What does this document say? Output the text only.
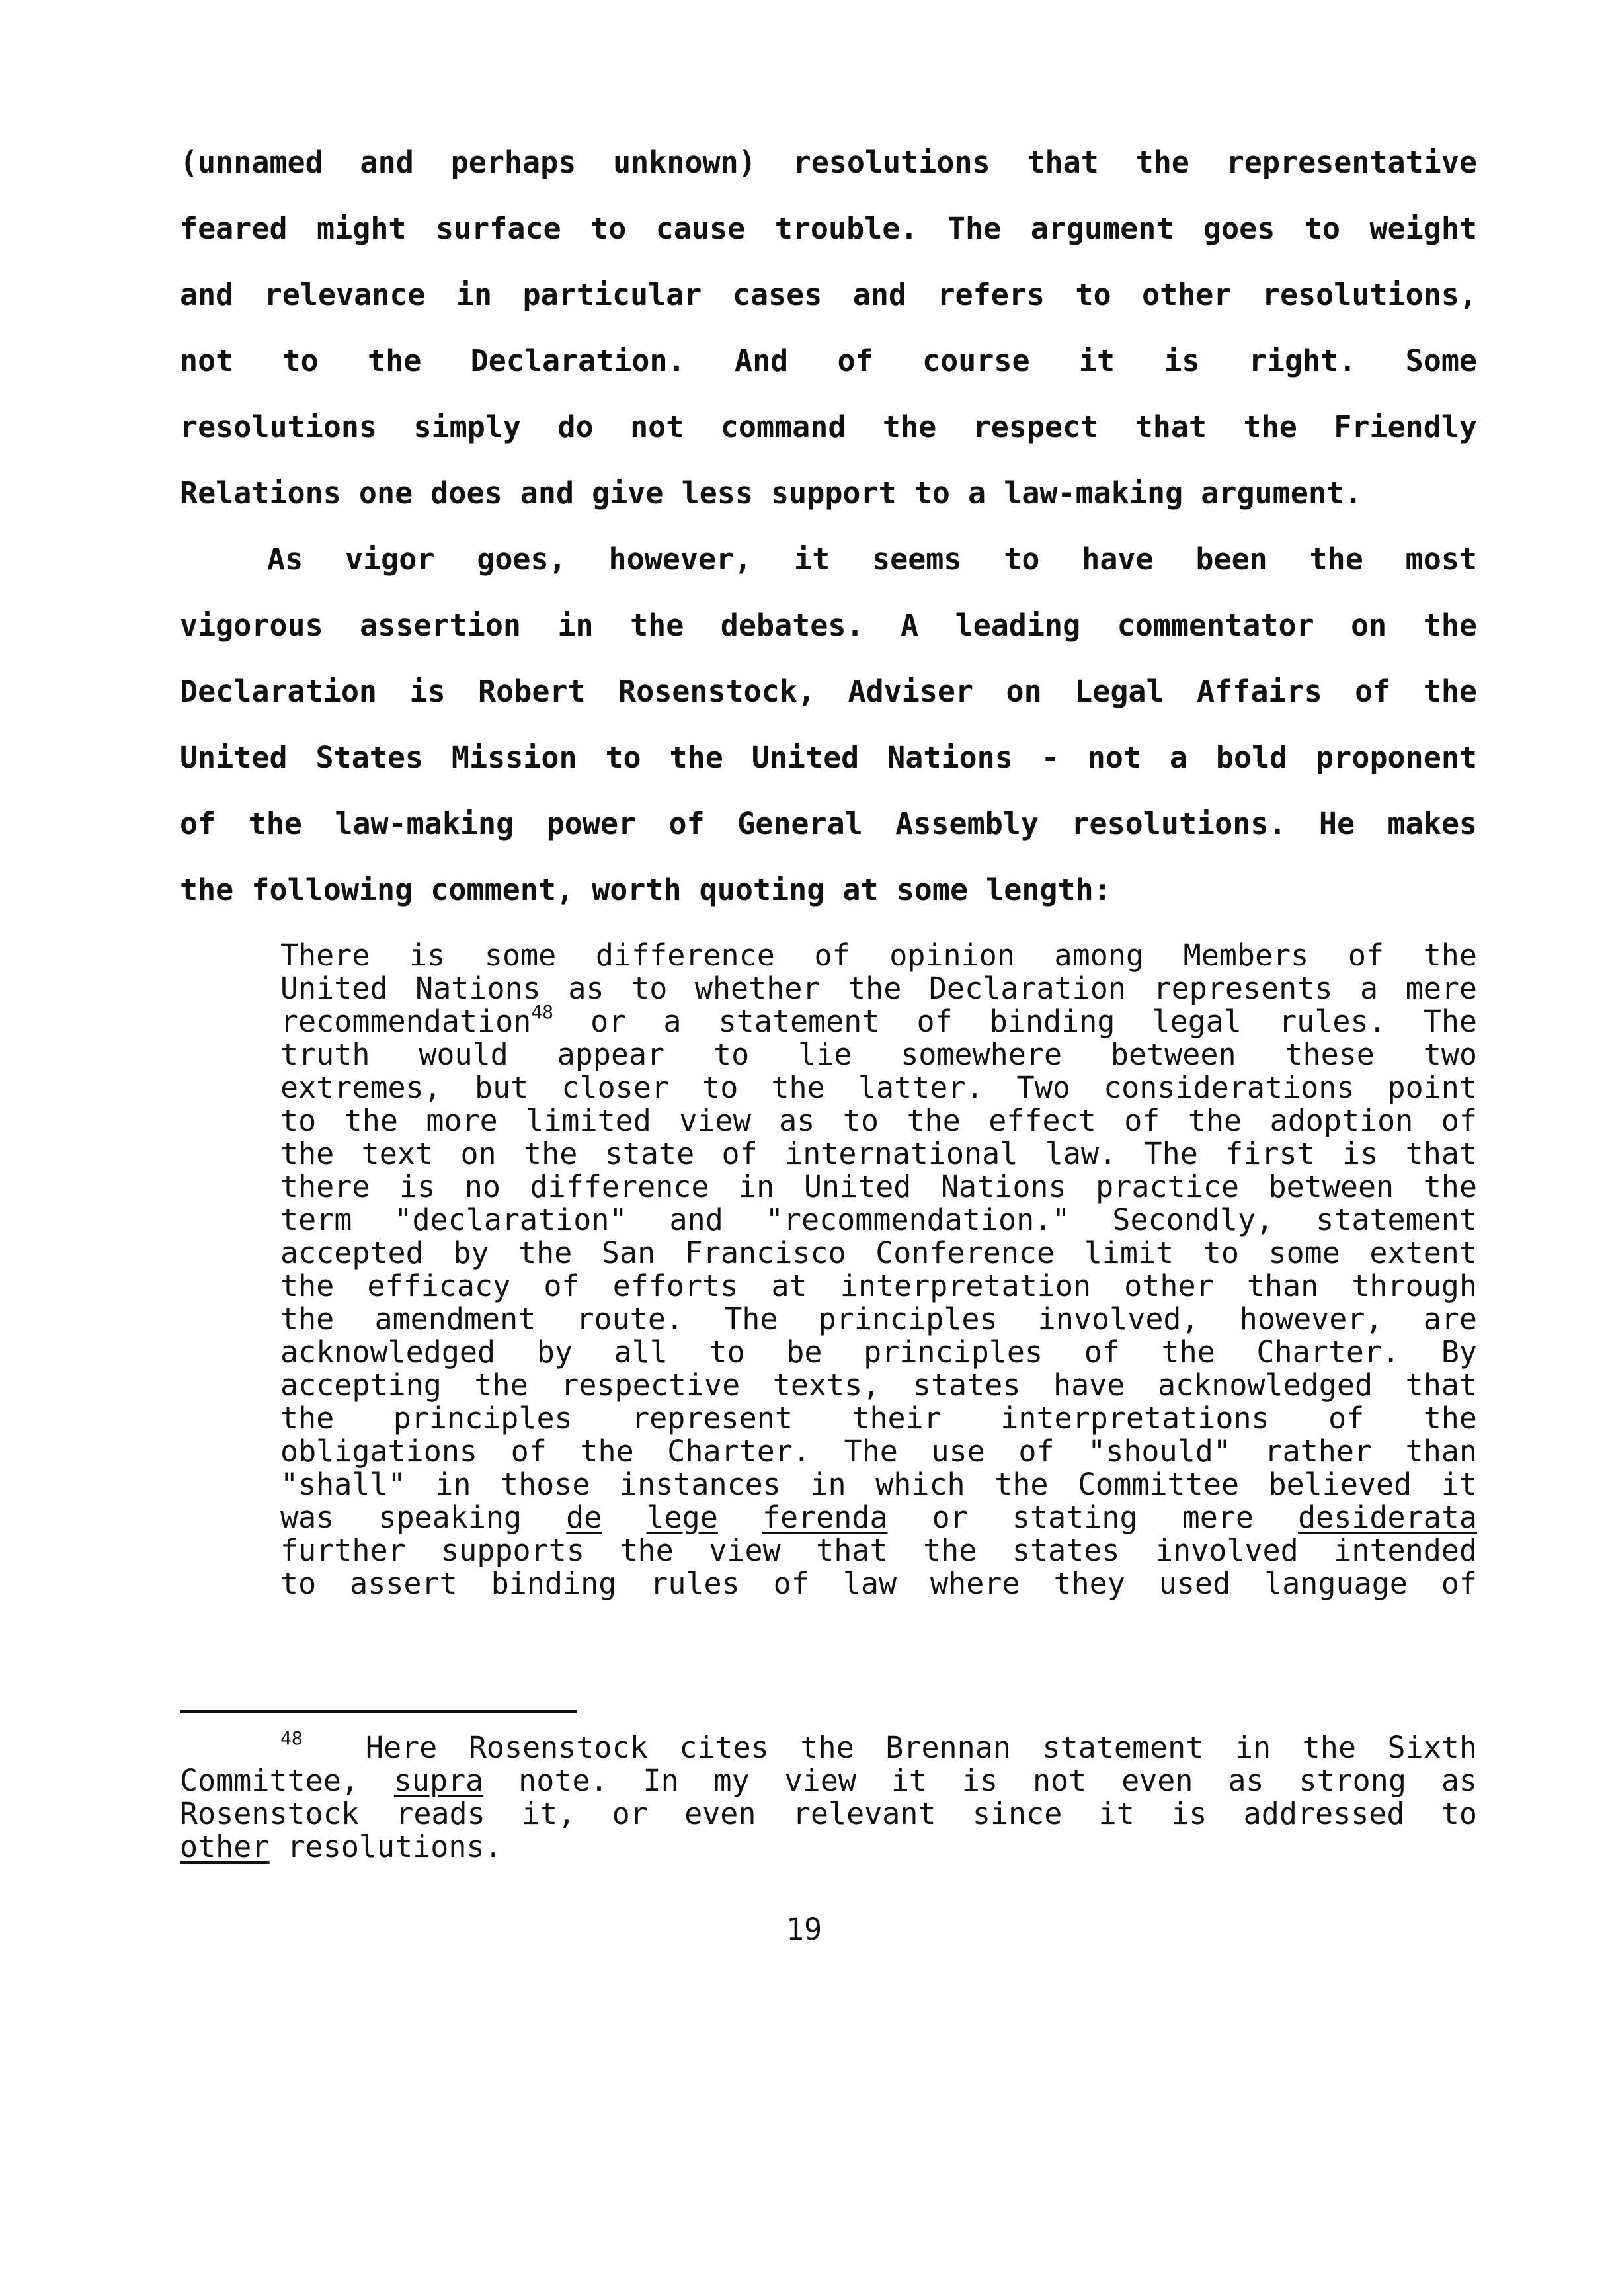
(unnamed and perhaps unknown) resolutions that the representative
feared might surface to cause trouble. The argument goes to weight
and relevance in particular cases and refers to other resolutions,
not to the Declaration. And of course it is right. Some
resolutions simply do not command the respect that the Friendly
Relations one does and give less support to a law-making argument.
As vigor goes, however, it seems to have been the most
vigorous assertion in the debates. A leading commentator on the
Declaration is Robert Rosenstock, Adviser on Legal Affairs of the
United States Mission to the United Nations - not a bold proponent
of the law-making power of General Assembly resolutions. He makes
the following comment, worth quoting at some length:
There is some difference of opinion among Members of the
United Nations as to whether the Declaration represents a mere
recommendation$^{48}$ or a statement of binding legal rules. The
truth would appear to lie somewhere between these two
extremes, but closer to the latter. Two considerations point
to the more limited view as to the effect of the adoption of
the text on the state of international law. The first is that
there is no difference in United Nations practice between the
term "declaration" and "recommendation." Secondly, statement
accepted by the San Francisco Conference limit to some extent
the efficacy of efforts at interpretation other than through
the amendment route. The principles involved, however, are
acknowledged by all to be principles of the Charter. By
accepting the respective texts, states have acknowledged that
the principles represent their interpretations of the
obligations of the Charter. The use of "should" rather than
"shall" in those instances in which the Committee believed it
was speaking de lege ferenda or stating mere desiderata
further supports the view that the states involved intended
to assert binding rules of law where they used language of
$^{48}$ Here Rosenstock cites the Brennan statement in the Sixth
Committee, supra note. In my view it is not even as strong as
Rosenstock reads it, or even relevant since it is addressed to
other resolutions.
19
